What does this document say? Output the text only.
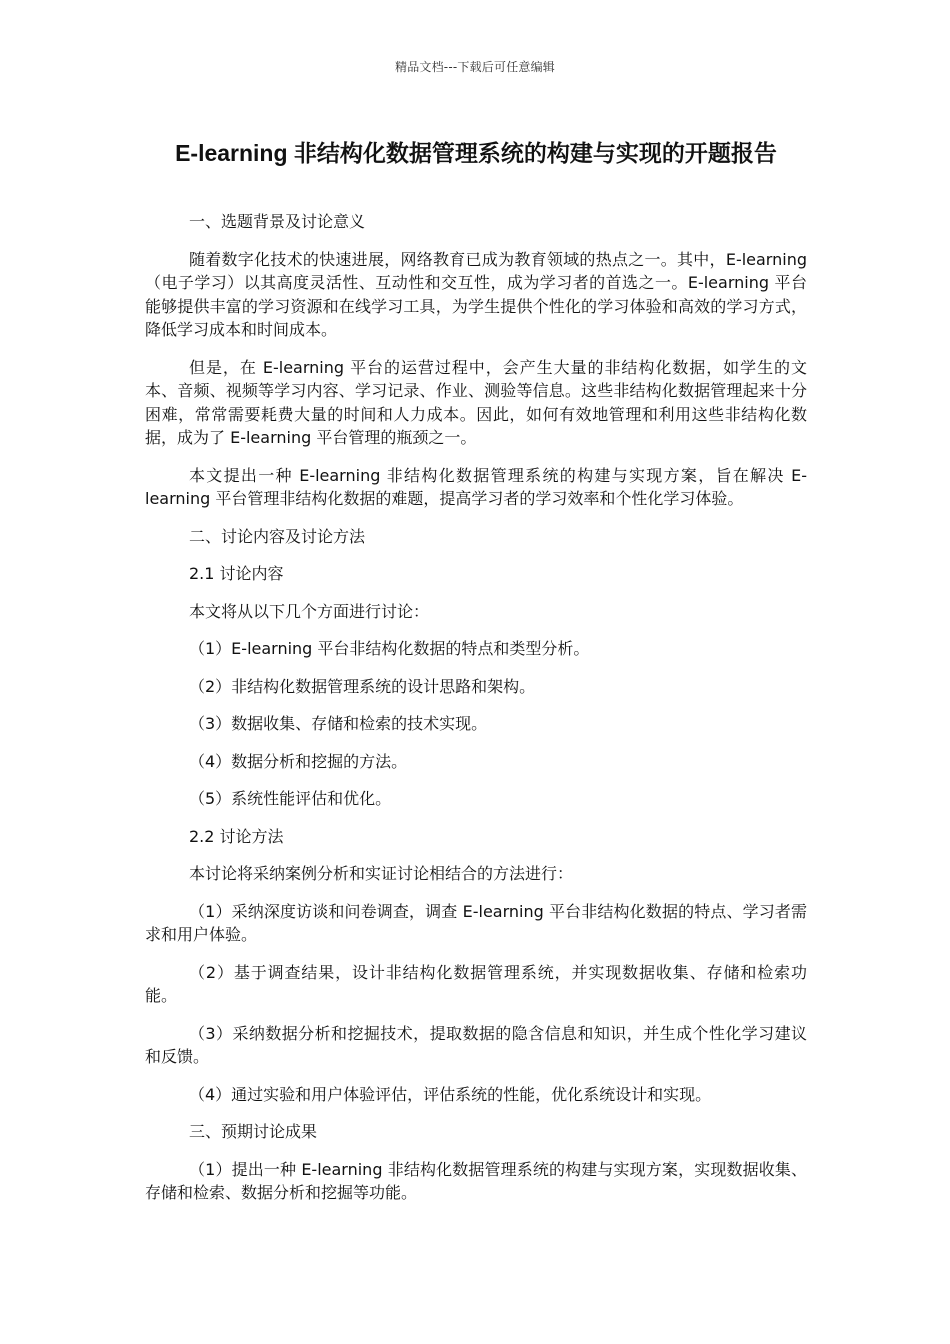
精品文档---下载后可任意编辑
E-learning 非结构化数据管理系统的构建与实现的开题报告

一、选题背景及讨论意义

随着数字化技术的快速进展，网络教育已成为教育领域的热点之一。其中，E-learning（电子学习）以其高度灵活性、互动性和交互性，成为学习者的首选之一。E-learning 平台能够提供丰富的学习资源和在线学习工具，为学生提供个性化的学习体验和高效的学习方式，降低学习成本和时间成本。

但是，在 E-learning 平台的运营过程中，会产生大量的非结构化数据，如学生的文本、音频、视频等学习内容、学习记录、作业、测验等信息。这些非结构化数据管理起来十分困难，常常需要耗费大量的时间和人力成本。因此，如何有效地管理和利用这些非结构化数据，成为了 E-learning 平台管理的瓶颈之一。

本文提出一种 E-learning 非结构化数据管理系统的构建与实现方案，旨在解决 E-learning 平台管理非结构化数据的难题，提高学习者的学习效率和个性化学习体验。

二、讨论内容及讨论方法

2.1 讨论内容

本文将从以下几个方面进行讨论：

（1）E-learning 平台非结构化数据的特点和类型分析。

（2）非结构化数据管理系统的设计思路和架构。

（3）数据收集、存储和检索的技术实现。

（4）数据分析和挖掘的方法。

（5）系统性能评估和优化。

2.2 讨论方法

本讨论将采纳案例分析和实证讨论相结合的方法进行：

（1）采纳深度访谈和问卷调查，调查 E-learning 平台非结构化数据的特点、学习者需求和用户体验。

（2）基于调查结果，设计非结构化数据管理系统，并实现数据收集、存储和检索功能。

（3）采纳数据分析和挖掘技术，提取数据的隐含信息和知识，并生成个性化学习建议和反馈。

（4）通过实验和用户体验评估，评估系统的性能，优化系统设计和实现。

三、预期讨论成果

（1）提出一种 E-learning 非结构化数据管理系统的构建与实现方案，实现数据收集、存储和检索、数据分析和挖掘等功能。
